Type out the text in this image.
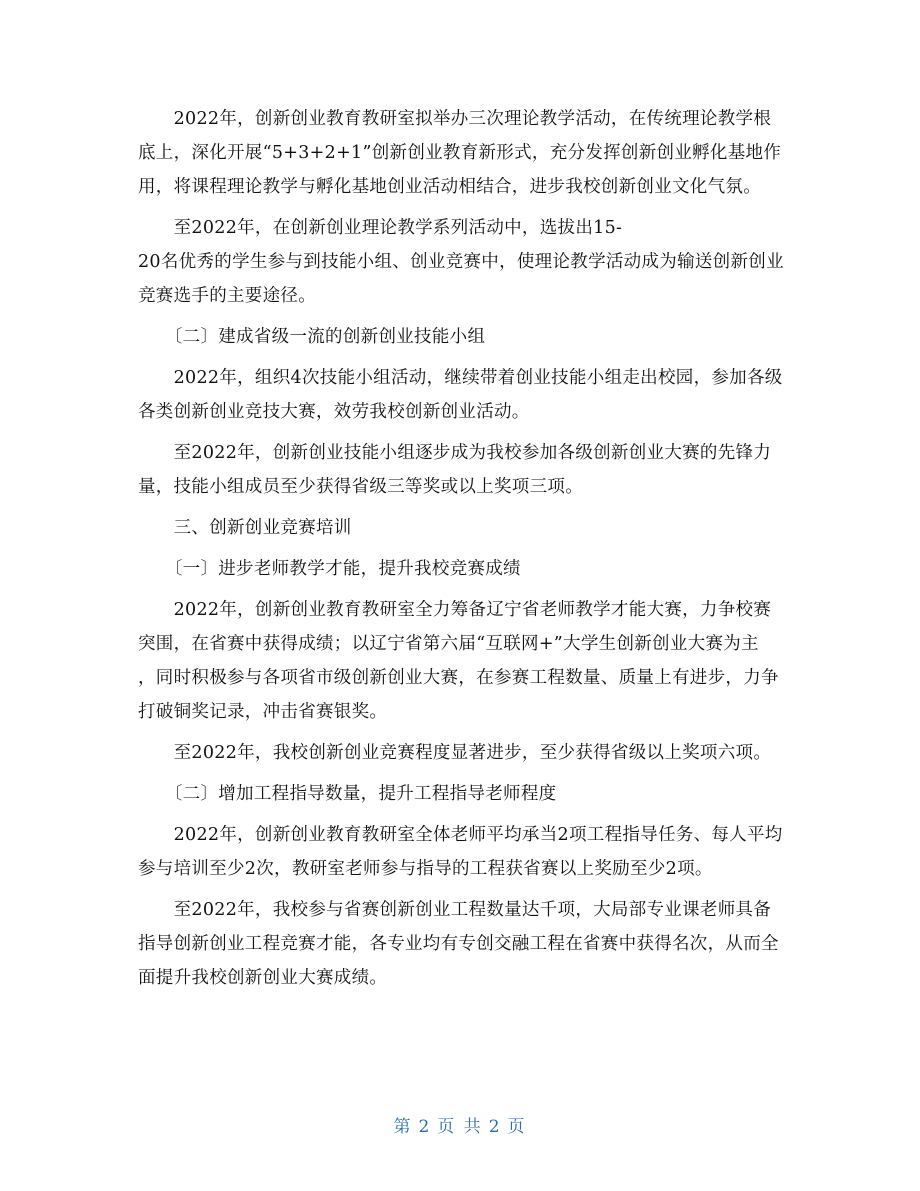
　　2022年，创新创业教育教研室拟举办三次理论教学活动，在传统理论教学根
底上，深化开展“5+3+2+1”创新创业教育新形式，充分发挥创新创业孵化基地作
用，将课程理论教学与孵化基地创业活动相结合，进步我校创新创业文化气氛。

　　至2022年，在创新创业理论教学系列活动中，选拔出15-
20名优秀的学生参与到技能小组、创业竞赛中，使理论教学活动成为输送创新创业
竞赛选手的主要途径。

　　〔二〕建成省级一流的创新创业技能小组

　　2022年，组织4次技能小组活动，继续带着创业技能小组走出校园，参加各级
各类创新创业竞技大赛，效劳我校创新创业活动。

　　至2022年，创新创业技能小组逐步成为我校参加各级创新创业大赛的先锋力
量，技能小组成员至少获得省级三等奖或以上奖项三项。

　　三、创新创业竞赛培训

　　〔一〕进步老师教学才能，提升我校竞赛成绩

　　2022年，创新创业教育教研室全力筹备辽宁省老师教学才能大赛，力争校赛
突围，在省赛中获得成绩；以辽宁省第六届“互联网+”大学生创新创业大赛为主
，同时积极参与各项省市级创新创业大赛，在参赛工程数量、质量上有进步，力争
打破铜奖记录，冲击省赛银奖。

　　至2022年，我校创新创业竞赛程度显著进步，至少获得省级以上奖项六项。

　　〔二〕增加工程指导数量，提升工程指导老师程度

　　2022年，创新创业教育教研室全体老师平均承当2项工程指导任务、每人平均
参与培训至少2次，教研室老师参与指导的工程获省赛以上奖励至少2项。

　　至2022年，我校参与省赛创新创业工程数量达千项，大局部专业课老师具备
指导创新创业工程竞赛才能，各专业均有专创交融工程在省赛中获得名次，从而全
面提升我校创新创业大赛成绩。

第 2 页 共 2 页
